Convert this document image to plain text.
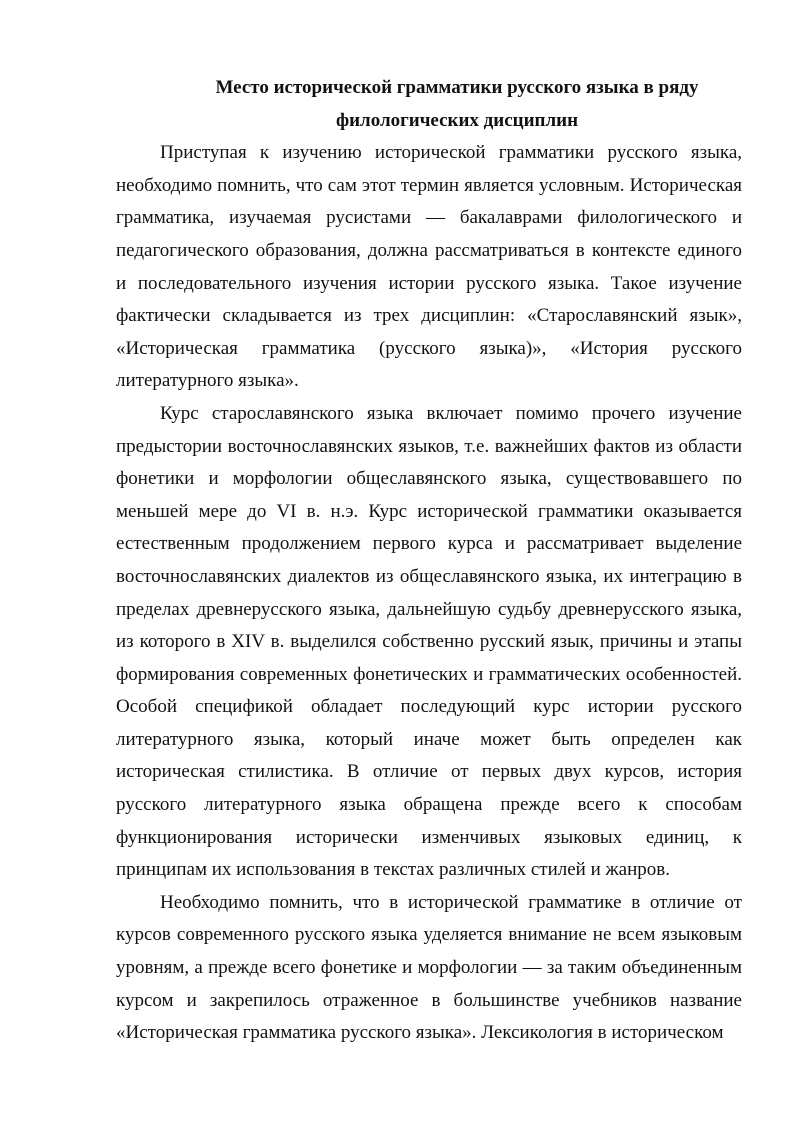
Место исторической грамматики русского языка в ряду
филологических дисциплин

Приступая к изучению исторической грамматики русского языка, необходимо помнить, что сам этот термин является условным. Историческая грамматика, изучаемая русистами — бакалаврами филологического и педагогического образования, должна рассматриваться в контексте единого и последовательного изучения истории русского языка. Такое изучение фактически складывается из трех дисциплин: «Старославянский язык», «Историческая грамматика (русского языка)», «История русского литературного языка».

Курс старославянского языка включает помимо прочего изучение предыстории восточнославянских языков, т.е. важнейших фактов из области фонетики и морфологии общеславянского языка, существовавшего по меньшей мере до VI в. н.э. Курс исторической грамматики оказывается естественным продолжением первого курса и рассматривает выделение восточнославянских диалектов из общеславянского языка, их интеграцию в пределах древнерусского языка, дальнейшую судьбу древнерусского языка, из которого в XIV в. выделился собственно русский язык, причины и этапы формирования современных фонетических и грамматических особенностей. Особой спецификой обладает последующий курс истории русского литературного языка, который иначе может быть определен как историческая стилистика. В отличие от первых двух курсов, история русского литературного языка обращена прежде всего к способам функционирования исторически изменчивых языковых единиц, к принципам их использования в текстах различных стилей и жанров.

Необходимо помнить, что в исторической грамматике в отличие от курсов современного русского языка уделяется внимание не всем языковым уровням, а прежде всего фонетике и морфологии — за таким объединенным курсом и закрепилось отраженное в большинстве учебников название «Историческая грамматика русского языка». Лексикология в историческом
